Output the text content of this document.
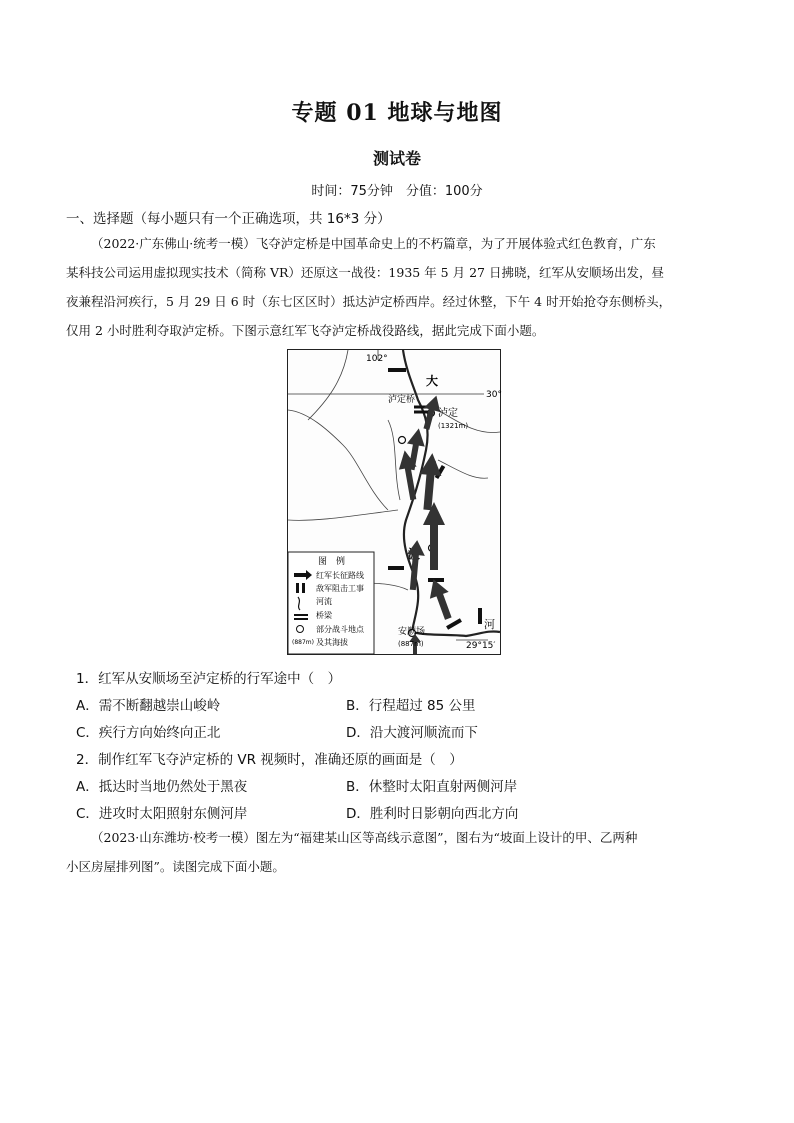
专题 01 地球与地图
测试卷
时间：75分钟　分值：100分
一、选择题（每小题只有一个正确选项，共 16*3 分）
（2022·广东佛山·统考一模）飞夺泸定桥是中国革命史上的不朽篇章，为了开展体验式红色教育，广东
某科技公司运用虚拟现实技术（简称 VR）还原这一战役：1935 年 5 月 27 日拂晓，红军从安顺场出发，昼
夜兼程沿河疾行，5 月 29 日 6 时（东七区区时）抵达泸定桥西岸。经过休整，下午 4 时开始抢夺东侧桥头，
仅用 2 小时胜利夺取泸定桥。下图示意红军飞夺泸定桥战役路线，据此完成下面小题。
30°
102°
大
河
泸定桥
泸定
(1321m)
安顺场
(887m)	29°15′
图　例
红军长征路线
敌军阻击工事
河流
桥梁
部分战斗地点
(887m) 及其海拔
1．红军从安顺场至泸定桥的行军途中（　）
A．需不断翻越崇山峻岭	B．行程超过 85 公里
C．疾行方向始终向正北	D．沿大渡河顺流而下
2．制作红军飞夺泸定桥的 VR 视频时，准确还原的画面是（　）
A．抵达时当地仍然处于黑夜	B．休整时太阳直射两侧河岸
C．进攻时太阳照射东侧河岸	D．胜利时日影朝向西北方向
（2023·山东潍坊·校考一模）图左为“福建某山区等高线示意图”，图右为“坡面上设计的甲、乙两种
小区房屋排列图”。读图完成下面小题。
